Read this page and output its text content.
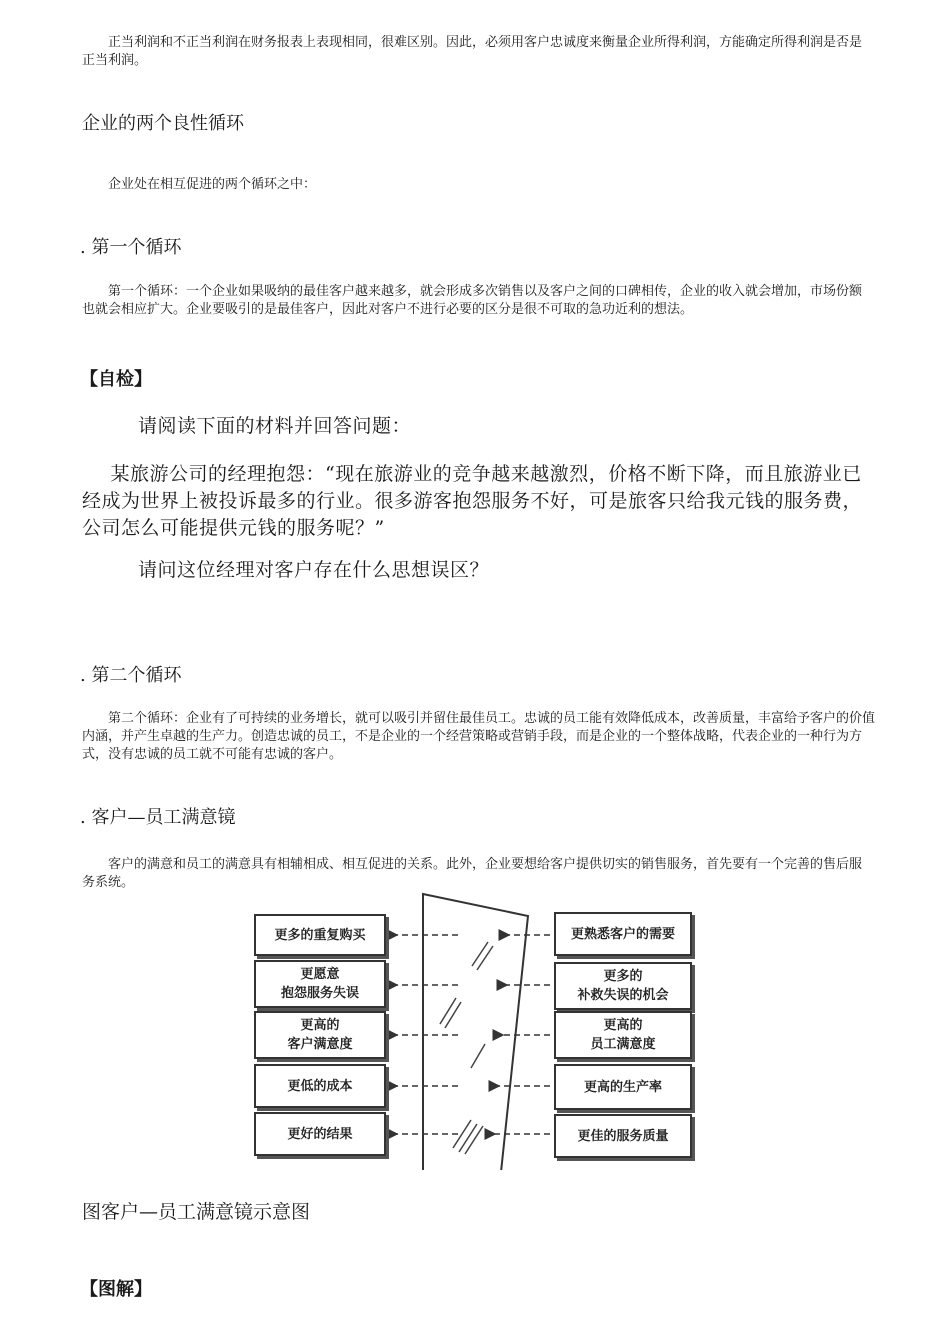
正当利润和不正当利润在财务报表上表现相同，很难区别。因此，必须用客户忠诚度来衡量企业所得利润，方能确定所得利润是否是正当利润。
企业的两个良性循环
企业处在相互促进的两个循环之中：
. 第一个循环
第一个循环：一个企业如果吸纳的最佳客户越来越多，就会形成多次销售以及客户之间的口碑相传，企业的收入就会增加，市场份额也就会相应扩大。企业要吸引的是最佳客户，因此对客户不进行必要的区分是很不可取的急功近利的想法。
【自检】
请阅读下面的材料并回答问题：
某旅游公司的经理抱怨：“现在旅游业的竞争越来越激烈，价格不断下降，而且旅游业已经成为世界上被投诉最多的行业。很多游客抱怨服务不好，可是旅客只给我元钱的服务费，公司怎么可能提供元钱的服务呢？”
请问这位经理对客户存在什么思想误区？
. 第二个循环
第二个循环：企业有了可持续的业务增长，就可以吸引并留住最佳员工。忠诚的员工能有效降低成本，改善质量，丰富给予客户的价值内涵，并产生卓越的生产力。创造忠诚的员工，不是企业的一个经营策略或营销手段，而是企业的一个整体战略，代表企业的一种行为方式，没有忠诚的员工就不可能有忠诚的客户。
. 客户—员工满意镜
客户的满意和员工的满意具有相辅相成、相互促进的关系。此外，企业要想给客户提供切实的销售服务，首先要有一个完善的售后服务系统。
更多的重复购买
更愿意
抱怨服务失误
更高的
客户满意度
更低的成本
更好的结果
更熟悉客户的需要
更多的
补救失误的机会
更高的
员工满意度
更高的生产率
更佳的服务质量
图客户—员工满意镜示意图
【图解】
